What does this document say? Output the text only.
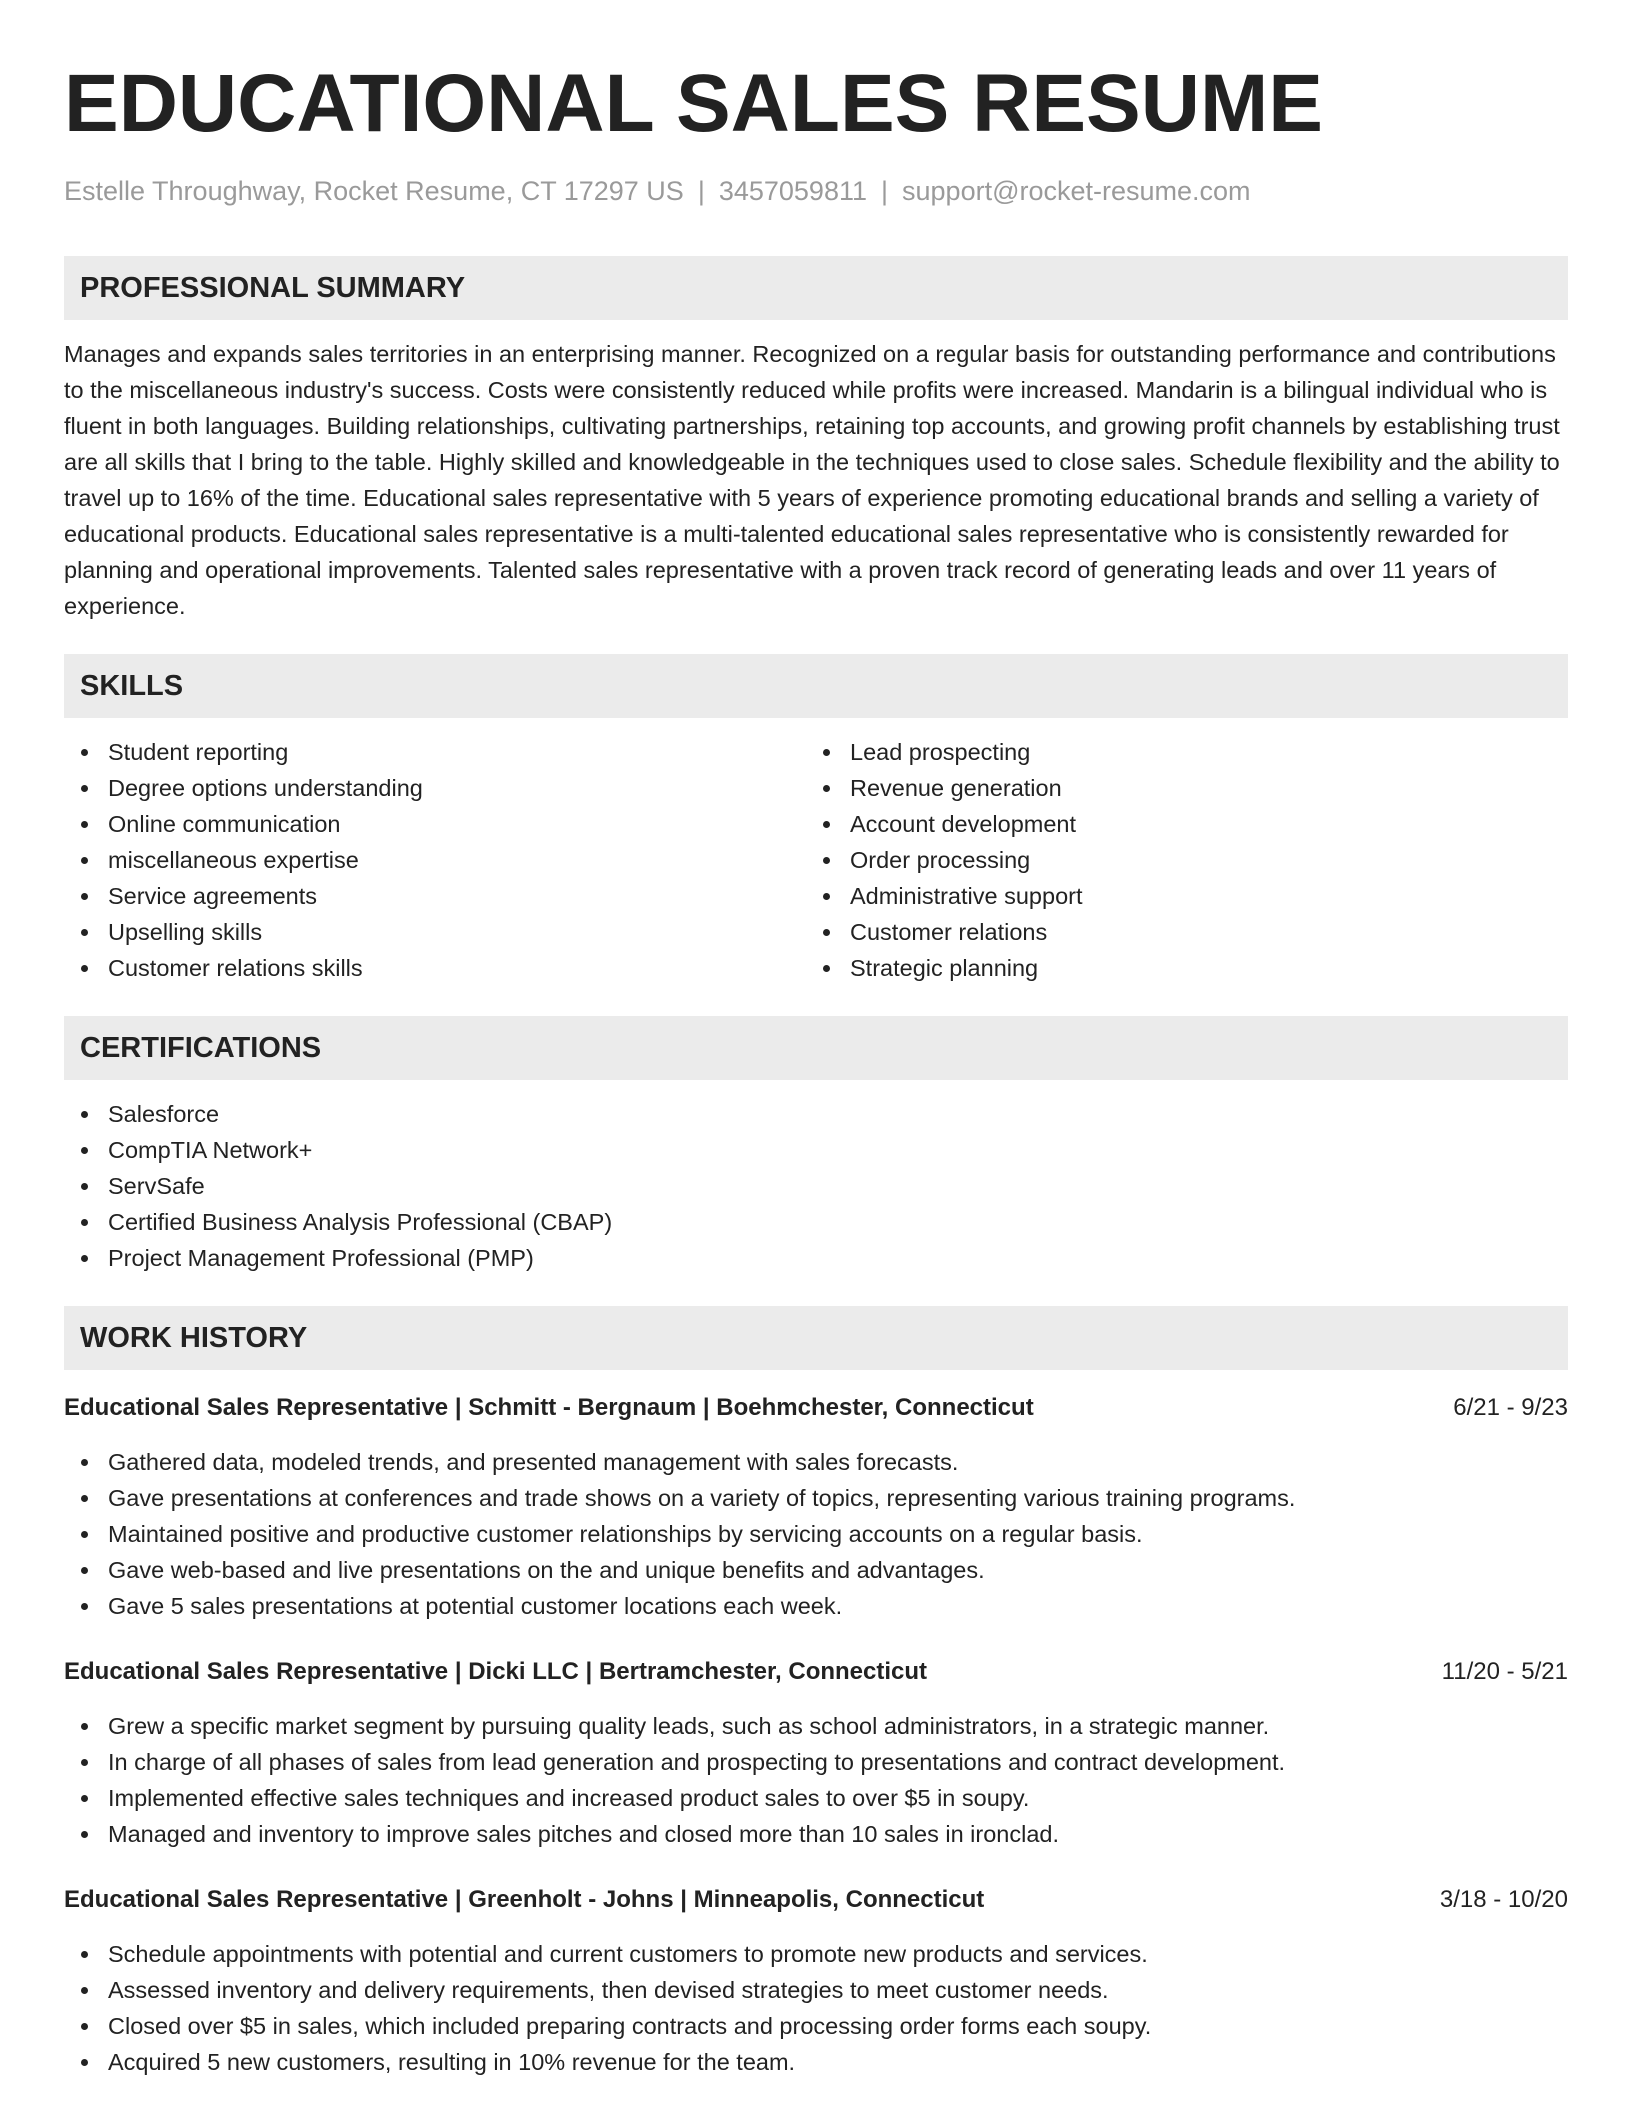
EDUCATIONAL SALES RESUME
Estelle Throughway, Rocket Resume, CT 17297 US | 3457059811 | support@rocket-resume.com
PROFESSIONAL SUMMARY

Manages and expands sales territories in an enterprising manner. Recognized on a regular basis for outstanding performance and contributions to the miscellaneous industry's success. Costs were consistently reduced while profits were increased. Mandarin is a bilingual individual who is fluent in both languages. Building relationships, cultivating partnerships, retaining top accounts, and growing profit channels by establishing trust are all skills that I bring to the table. Highly skilled and knowledgeable in the techniques used to close sales. Schedule flexibility and the ability to travel up to 16% of the time. Educational sales representative with 5 years of experience promoting educational brands and selling a variety of educational products. Educational sales representative is a multi-talented educational sales representative who is consistently rewarded for planning and operational improvements. Talented sales representative with a proven track record of generating leads and over 11 years of experience.

SKILLS
Student reporting
Degree options understanding
Online communication
miscellaneous expertise
Service agreements
Upselling skills
Customer relations skills
Lead prospecting
Revenue generation
Account development
Order processing
Administrative support
Customer relations
Strategic planning
CERTIFICATIONS
Salesforce
CompTIA Network+
ServSafe
Certified Business Analysis Professional (CBAP)
Project Management Professional (PMP)
WORK HISTORY
Educational Sales Representative | Schmitt - Bergnaum | Boehmchester, Connecticut	6/21 - 9/23
Gathered data, modeled trends, and presented management with sales forecasts.
Gave presentations at conferences and trade shows on a variety of topics, representing various training programs.
Maintained positive and productive customer relationships by servicing accounts on a regular basis.
Gave web-based and live presentations on the and unique benefits and advantages.
Gave 5 sales presentations at potential customer locations each week.
Educational Sales Representative | Dicki LLC | Bertramchester, Connecticut	11/20 - 5/21
Grew a specific market segment by pursuing quality leads, such as school administrators, in a strategic manner.
In charge of all phases of sales from lead generation and prospecting to presentations and contract development.
Implemented effective sales techniques and increased product sales to over $5 in soupy.
Managed and inventory to improve sales pitches and closed more than 10 sales in ironclad.
Educational Sales Representative | Greenholt - Johns | Minneapolis, Connecticut	3/18 - 10/20
Schedule appointments with potential and current customers to promote new products and services.
Assessed inventory and delivery requirements, then devised strategies to meet customer needs.
Closed over $5 in sales, which included preparing contracts and processing order forms each soupy.
Acquired 5 new customers, resulting in 10% revenue for the team.
